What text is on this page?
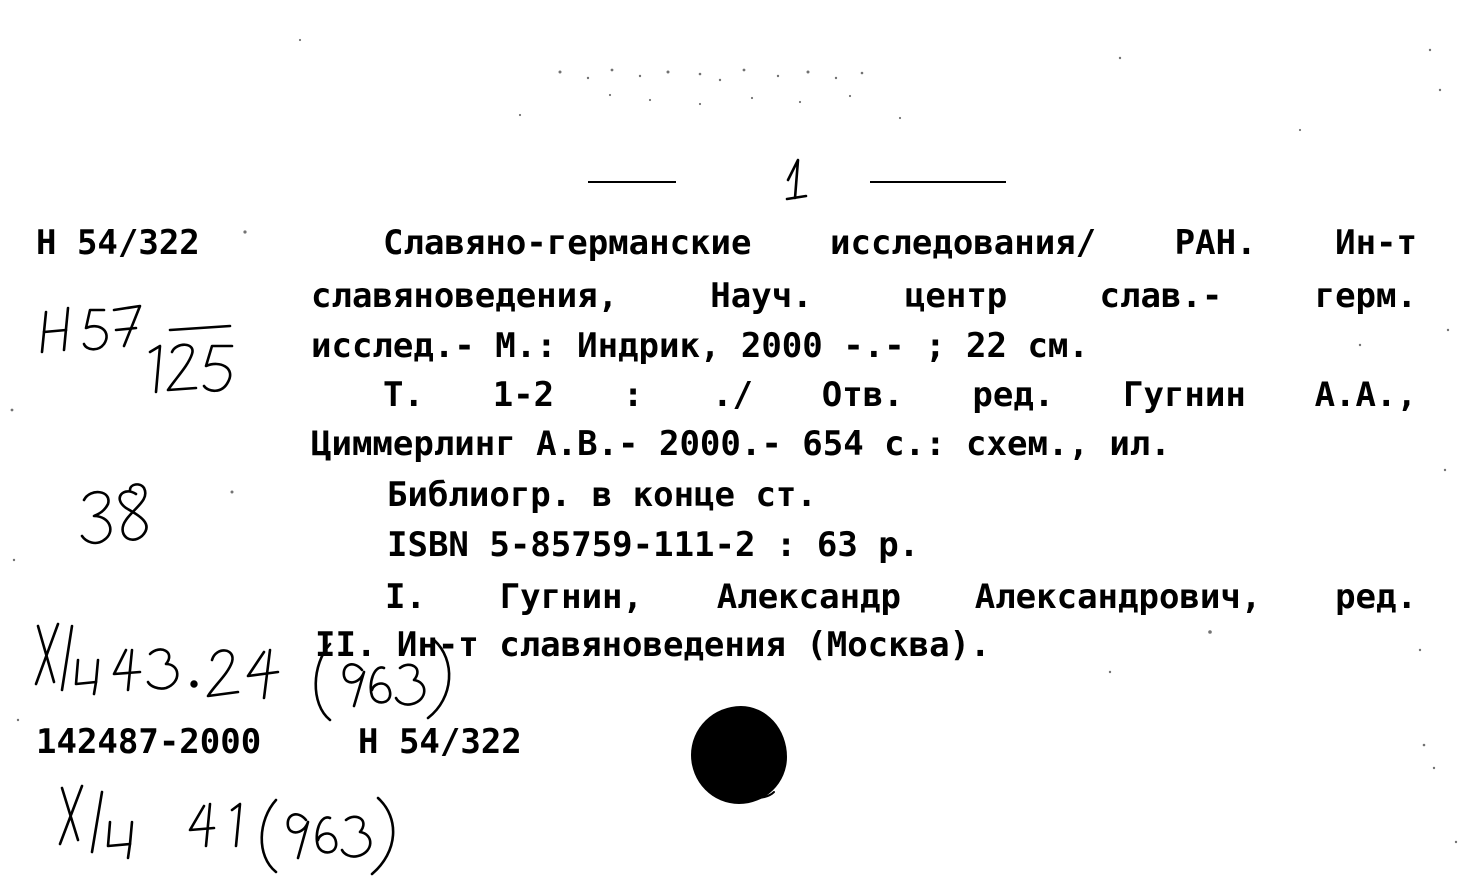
Н 54/322	Славяно-германские исследования/ РАН. Ин-т
славяноведения,	Науч.	центр	слав.-	герм.
исслед.- М.: Индрик, 2000 -.- ; 22 см.
Т. 1-2 : ./ Отв. ред. Гугнин А.А.,
Циммерлинг А.В.- 2000.- 654 с.: схем., ил.
Библиогр. в конце ст.
ISBN 5-85759-111-2 : 63 р.
I. Гугнин, Александр Александрович, ред.
II. Ин-т славяноведения (Москва).
142487-2000	Н 54/322
